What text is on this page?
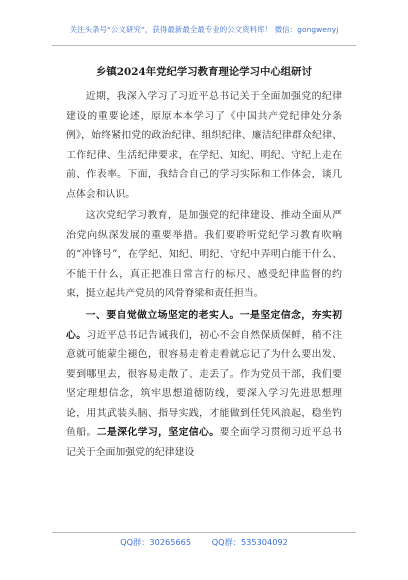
关注头条号“公文研究”，获得最新最全最专业的公文资料库！ 微信：gongwenyj
乡镇2024年党纪学习教育理论学习中心组研讨

近期，我深入学习了习近平总书记关于全面加强党的纪律建设的重要论述，原原本本学习了《中国共产党纪律处分条例》，始终紧扣党的政治纪律、组织纪律、廉洁纪律群众纪律、工作纪律、生活纪律要求，在学纪、知纪、明纪、守纪上走在前、作表率。下面，我结合自己的学习实际和工作体会，谈几点体会和认识。

这次党纪学习教育，是加强党的纪律建设、推动全面从严治党向纵深发展的重要举措。我们要聆听党纪学习教育吹响的“冲锋号”，在学纪、知纪、明纪、守纪中弄明白能干什么、不能干什么，真正把准日常言行的标尺、感受纪律监督的约束，挺立起共产党员的风骨脊梁和责任担当。

一、要自觉做立场坚定的老实人。一是坚定信念，夯实初心。习近平总书记告诫我们，初心不会自然保质保鲜，稍不注意就可能蒙尘褪色，很容易走着走着就忘记了为什么要出发、要到哪里去，很容易走散了、走丢了。作为党员干部，我们要坚定理想信念，筑牢思想道德防线，要深入学习先进思想理论，用其武装头脑、指导实践，才能做到任凭风浪起，稳坐钓鱼船。二是深化学习，坚定信心。要全面学习贯彻习近平总书记关于全面加强党的纪律建设

QQ群：30265665	QQ群：535304092
